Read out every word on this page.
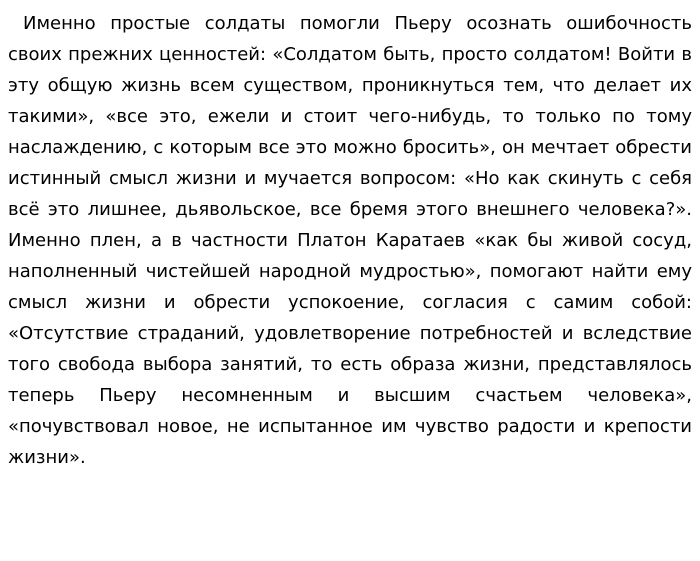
Именно простые солдаты помогли Пьеру осознать ошибочность своих прежних ценностей: «Солдатом быть, просто солдатом! Войти в эту общую жизнь всем существом, проникнуться тем, что делает их такими», «все это, ежели и стоит чего-нибудь, то только по тому наслаждению, с которым все это можно бросить», он мечтает обрести истинный смысл жизни и мучается вопросом: «Но как скинуть с себя всё это лишнее, дьявольское, все бремя этого внешнего человека?». Именно плен, а в частности Платон Каратаев «как бы живой сосуд, наполненный чистейшей народной мудростью», помогают найти ему смысл жизни и обрести успокоение, согласия с самим собой: «Отсутствие страданий, удовлетворение потребностей и вследствие того свобода выбора занятий, то есть образа жизни, представлялось теперь Пьеру несомненным и высшим счастьем человека», «почувствовал новое, не испытанное им чувство радости и крепости жизни».
